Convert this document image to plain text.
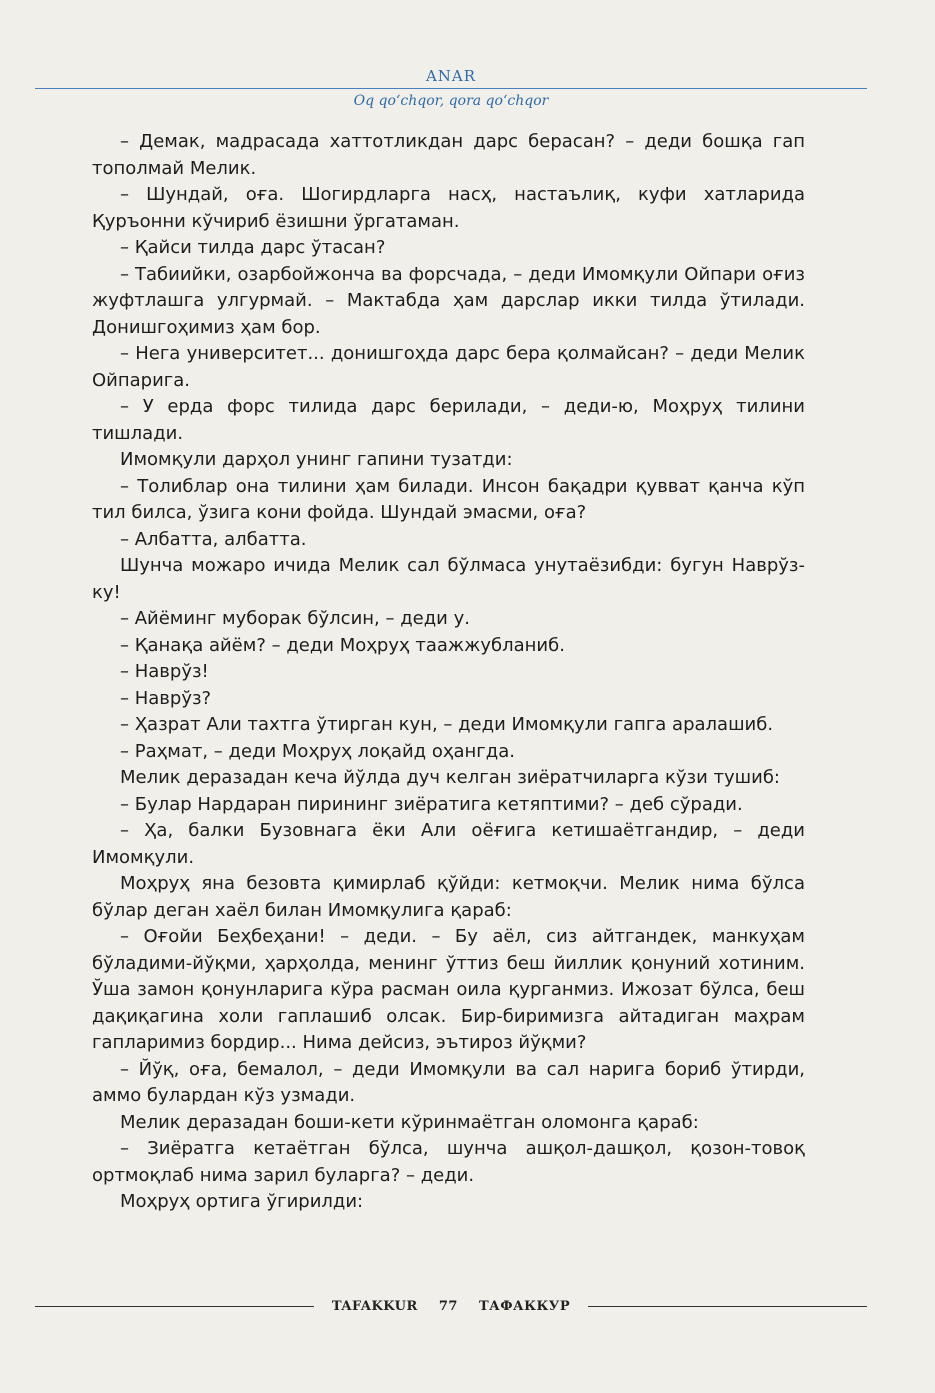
ANAR
Oq qo‘chqor, qora qo‘chqor

– Демак, мадрасада хаттотликдан дарс берасан? – деди бошқа гап тополмай Мелик.

– Шундай, оға. Шогирдларга насҳ, настаълиқ, куфи хатларида Қуръонни кўчириб ёзишни ўргатаман.

– Қайси тилда дарс ўтасан?

– Табиийки, озарбойжонча ва форсчада, – деди Имомқули Ойпари оғиз жуфтлашга улгурмай. – Мактабда ҳам дарслар икки тилда ўтилади. Донишгоҳимиз ҳам бор.

– Нега университет... донишгоҳда дарс бера қолмайсан? – деди Мелик Ойпарига.

– У ерда форс тилида дарс берилади, – деди-ю, Моҳруҳ тилини тишлади.

Имомқули дарҳол унинг гапини тузатди:

– Толиблар она тилини ҳам билади. Инсон бақадри қувват қанча кўп тил билса, ўзига кони фойда. Шундай эмасми, оға?

– Албатта, албатта.

Шунча можаро ичида Мелик сал бўлмаса унутаёзибди: бугун Наврўз-ку!

– Айёминг муборак бўлсин, – деди у.

– Қанақа айём? – деди Моҳруҳ таажжубланиб.

– Наврўз!

– Наврўз?

– Ҳазрат Али тахтга ўтирган кун, – деди Имомқули гапга аралашиб.

– Раҳмат, – деди Моҳруҳ лоқайд оҳангда.

Мелик деразадан кеча йўлда дуч келган зиёратчиларга кўзи тушиб:

– Булар Нардаран пирининг зиёратига кетяптими? – деб сўради.

– Ҳа, балки Бузовнага ёки Али оёғига кетишаётгандир, – деди Имомқули.

Моҳруҳ яна безовта қимирлаб қўйди: кетмоқчи. Мелик нима бўлса бўлар деган хаёл билан Имомқулига қараб:

– Оғойи Беҳбеҳани! – деди. – Бу аёл, сиз айтгандек, манкуҳам бўладими-йўқми, ҳарҳолда, менинг ўттиз беш йиллик қонуний хотиним. Ўша замон қонунларига кўра расман оила қурганмиз. Ижозат бўлса, беш дақиқагина холи гаплашиб олсак. Бир-биримизга айтадиган маҳрам гапларимиз бордир... Нима дейсиз, эътироз йўқми?

– Йўқ, оға, бемалол, – деди Имомқули ва сал нарига бориб ўтирди, аммо булардан кўз узмади.

Мелик деразадан боши-кети кўринмаётган оломонга қараб:

– Зиёратга кетаётган бўлса, шунча ашқол-дашқол, қозон-товоқ ортмоқлаб нима зарил буларга? – деди.

Моҳруҳ ортига ўгирилди:

TAFAKKUR 77 ТАФАККУР
